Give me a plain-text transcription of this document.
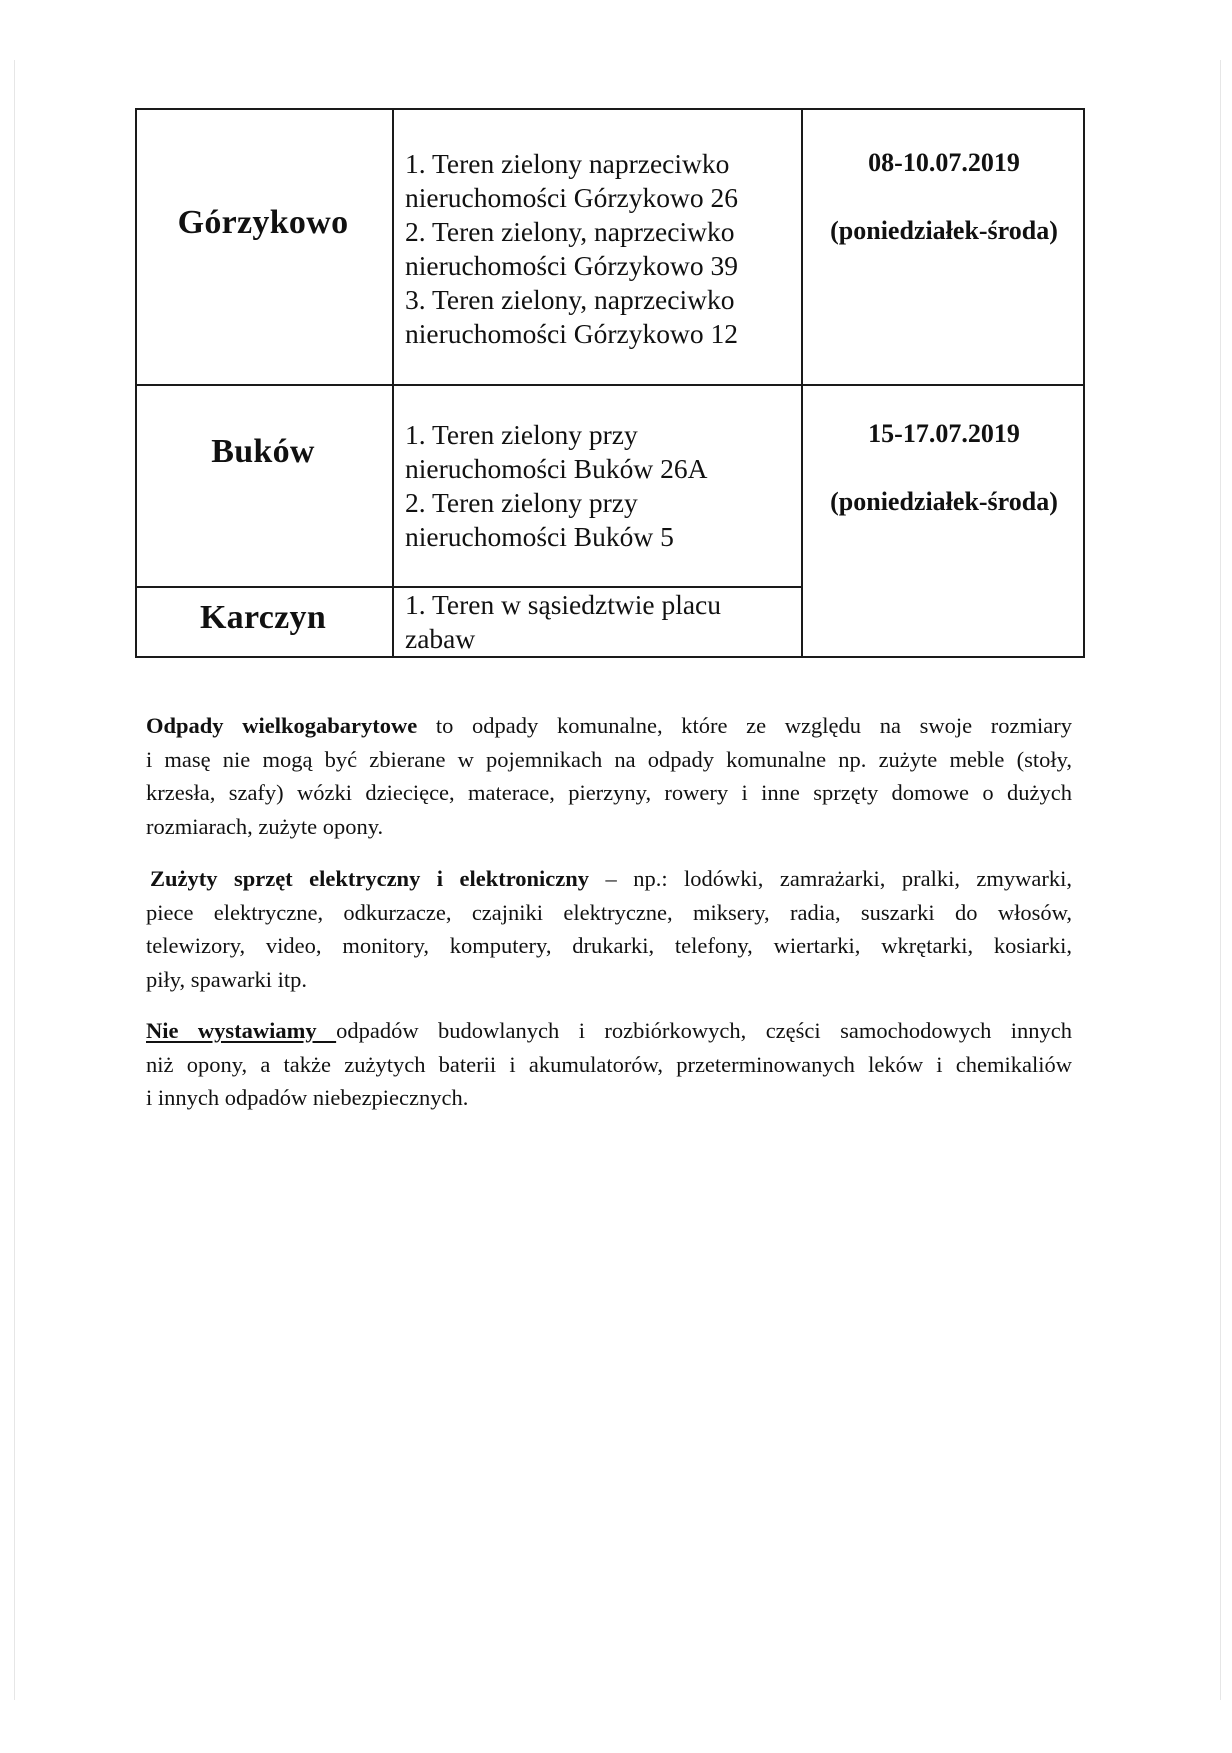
Górzykowo
1. Teren zielony naprzeciwko
nieruchomości Górzykowo 26
2. Teren zielony, naprzeciwko
nieruchomości Górzykowo 39
3. Teren zielony, naprzeciwko
nieruchomości Górzykowo 12
08-10.07.2019
(poniedziałek-środa)
Buków	1. Teren zielony przy
nieruchomości Buków 26A
2. Teren zielony przy
nieruchomości Buków 5
15-17.07.2019
(poniedziałek-środa)
Karczyn	1. Teren w sąsiedztwie placu
zabaw
Odpady wielkogabarytowe to odpady komunalne, które ze względu na swoje rozmiary
i masę nie mogą być zbierane w pojemnikach na odpady komunalne np. zużyte meble (stoły,
krzesła, szafy) wózki dziecięce, materace, pierzyny, rowery i inne sprzęty domowe o dużych
rozmiarach, zużyte opony.
Zużyty sprzęt elektryczny i elektroniczny – np.: lodówki, zamrażarki, pralki, zmywarki,
piece elektryczne, odkurzacze, czajniki elektryczne, miksery, radia, suszarki do włosów,
telewizory, video, monitory, komputery, drukarki, telefony, wiertarki, wkrętarki, kosiarki,
piły, spawarki itp.
Nie wystawiamy odpadów budowlanych i rozbiórkowych, części samochodowych innych
niż opony, a także zużytych baterii i akumulatorów, przeterminowanych leków i chemikaliów
i innych odpadów niebezpiecznych.
